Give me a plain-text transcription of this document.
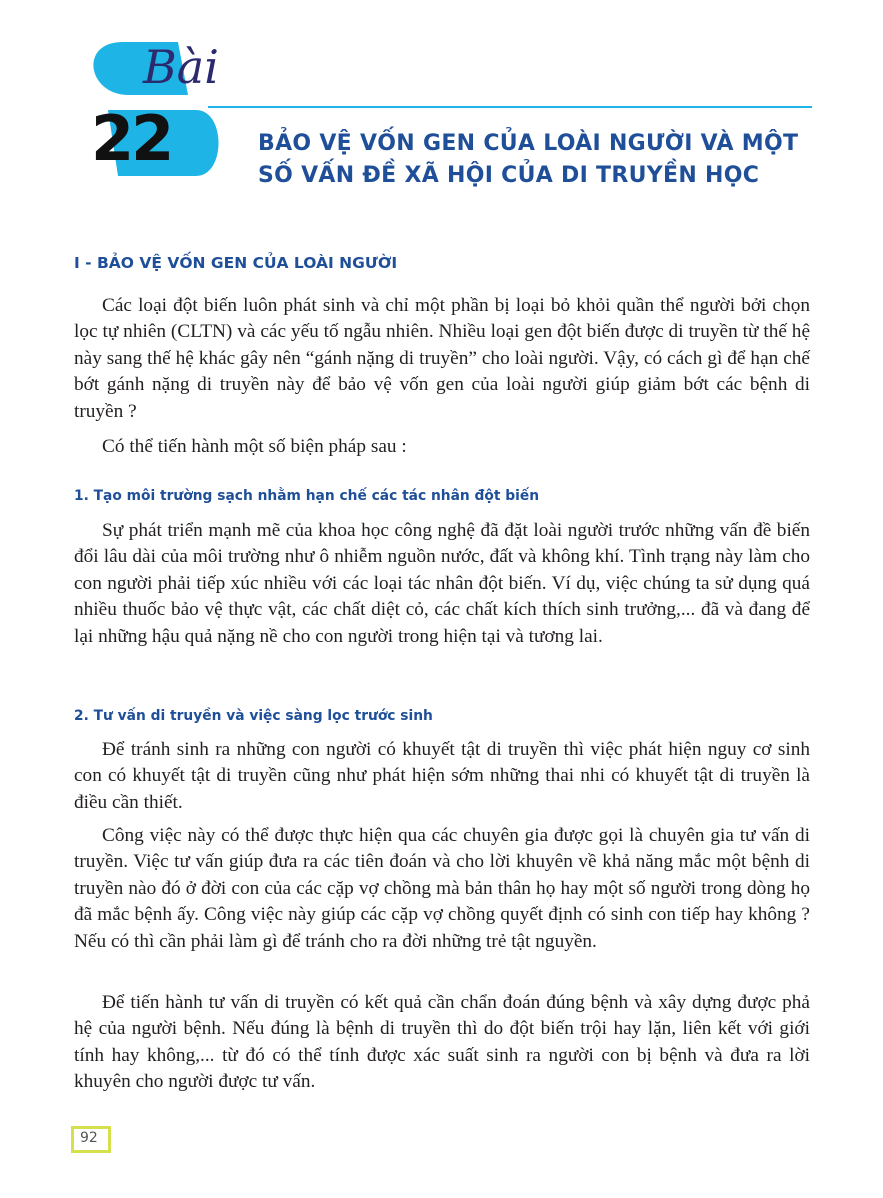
Bài
22	BẢO VỆ VỐN GEN CỦA LOÀI NGƯỜI VÀ MỘT SỐ VẤN ĐỀ XÃ HỘI CỦA DI TRUYỀN HỌC
I - BẢO VỆ VỐN GEN CỦA LOÀI NGƯỜI

Các loại đột biến luôn phát sinh và chỉ một phần bị loại bỏ khỏi quần thể người bởi chọn lọc tự nhiên (CLTN) và các yếu tố ngẫu nhiên. Nhiều loại gen đột biến được di truyền từ thế hệ này sang thế hệ khác gây nên “gánh nặng di truyền” cho loài người. Vậy, có cách gì để hạn chế bớt gánh nặng di truyền này để bảo vệ vốn gen của loài người giúp giảm bớt các bệnh di truyền ?

Có thể tiến hành một số biện pháp sau :

1. Tạo môi trường sạch nhằm hạn chế các tác nhân đột biến

Sự phát triển mạnh mẽ của khoa học công nghệ đã đặt loài người trước những vấn đề biến đổi lâu dài của môi trường như ô nhiễm nguồn nước, đất và không khí. Tình trạng này làm cho con người phải tiếp xúc nhiều với các loại tác nhân đột biến. Ví dụ, việc chúng ta sử dụng quá nhiều thuốc bảo vệ thực vật, các chất diệt cỏ, các chất kích thích sinh trưởng,... đã và đang để lại những hậu quả nặng nề cho con người trong hiện tại và tương lai.

2. Tư vấn di truyền và việc sàng lọc trước sinh

Để tránh sinh ra những con người có khuyết tật di truyền thì việc phát hiện nguy cơ sinh con có khuyết tật di truyền cũng như phát hiện sớm những thai nhi có khuyết tật di truyền là điều cần thiết.

Công việc này có thể được thực hiện qua các chuyên gia được gọi là chuyên gia tư vấn di truyền. Việc tư vấn giúp đưa ra các tiên đoán và cho lời khuyên về khả năng mắc một bệnh di truyền nào đó ở đời con của các cặp vợ chồng mà bản thân họ hay một số người trong dòng họ đã mắc bệnh ấy. Công việc này giúp các cặp vợ chồng quyết định có sinh con tiếp hay không ? Nếu có thì cần phải làm gì để tránh cho ra đời những trẻ tật nguyền.

Để tiến hành tư vấn di truyền có kết quả cần chẩn đoán đúng bệnh và xây dựng được phả hệ của người bệnh. Nếu đúng là bệnh di truyền thì do đột biến trội hay lặn, liên kết với giới tính hay không,... từ đó có thể tính được xác suất sinh ra người con bị bệnh và đưa ra lời khuyên cho người được tư vấn.

92
